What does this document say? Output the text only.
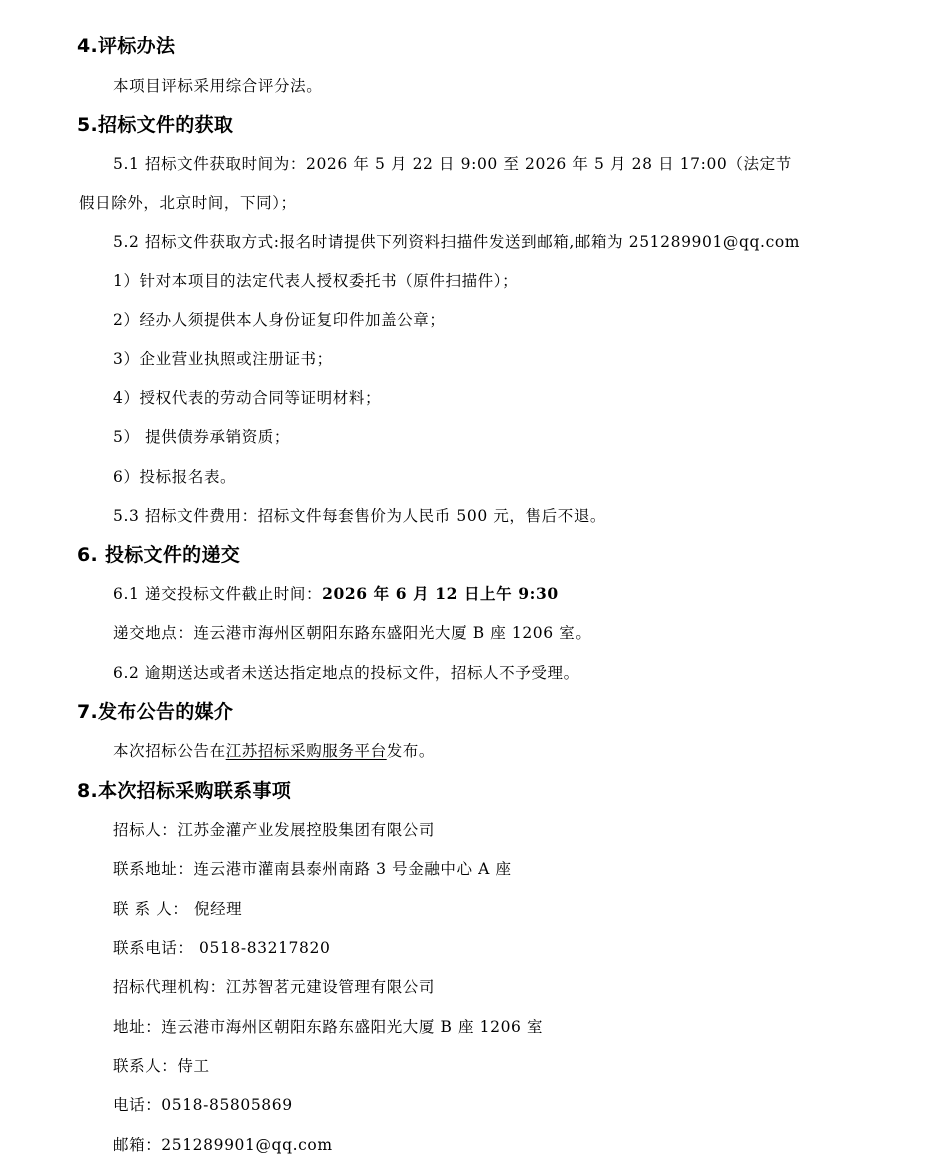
4.评标办法
本项目评标采用综合评分法。
5.招标文件的获取
5.1 招标文件获取时间为：2026 年 5 月 22 日 9:00 至 2026 年 5 月 28 日 17:00（法定节
假日除外，北京时间，下同）；
5.2 招标文件获取方式:报名时请提供下列资料扫描件发送到邮箱,邮箱为 251289901@qq.com
1）针对本项目的法定代表人授权委托书（原件扫描件）；
2）经办人须提供本人身份证复印件加盖公章；
3）企业营业执照或注册证书；
4）授权代表的劳动合同等证明材料；
5） 提供债券承销资质；
6）投标报名表。
5.3 招标文件费用：招标文件每套售价为人民币 500 元，售后不退。
6. 投标文件的递交
6.1 递交投标文件截止时间：2026 年 6 月 12 日上午 9:30
递交地点：连云港市海州区朝阳东路东盛阳光大厦 B 座 1206 室。
6.2 逾期送达或者未送达指定地点的投标文件，招标人不予受理。
7.发布公告的媒介
本次招标公告在江苏招标采购服务平台发布。
8.本次招标采购联系事项
招标人：江苏金灌产业发展控股集团有限公司
联系地址：连云港市灌南县泰州南路 3 号金融中心 A 座
联 系 人： 倪经理
联系电话： 0518-83217820
招标代理机构：江苏智茗元建设管理有限公司
地址：连云港市海州区朝阳东路东盛阳光大厦 B 座 1206 室
联系人：侍工
电话：0518-85805869
邮箱：251289901@qq.com
